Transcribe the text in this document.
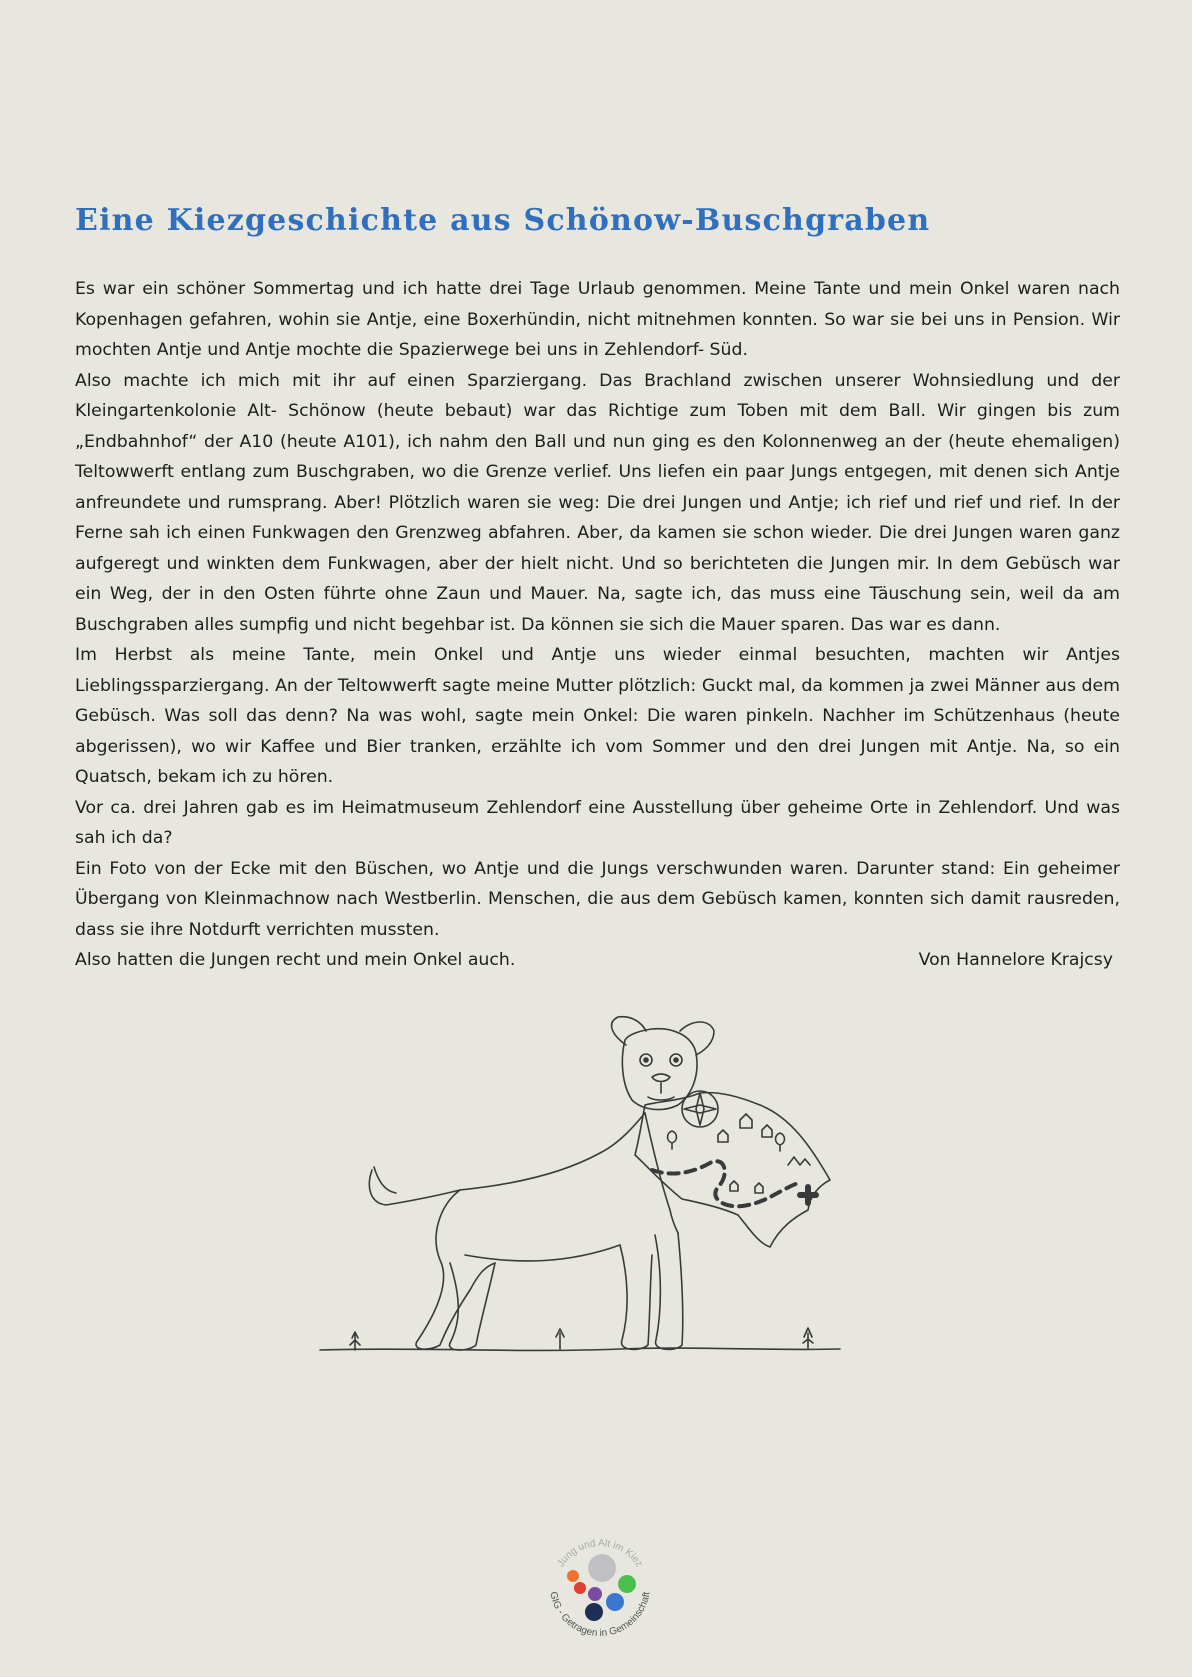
Eine Kiezgeschichte aus Schönow-Buschgraben

Es war ein schöner Sommertag und ich hatte drei Tage Urlaub genommen. Meine Tante und mein Onkel waren nach Kopenhagen gefahren, wohin sie Antje, eine Boxerhündin, nicht mitnehmen konnten. So war sie bei uns in Pension. Wir mochten Antje und Antje mochte die Spazierwege bei uns in Zehlendorf- Süd.

Also machte ich mich mit ihr auf einen Sparziergang. Das Brachland zwischen unserer Wohnsiedlung und der Kleingartenkolonie Alt- Schönow (heute bebaut) war das Richtige zum Toben mit dem Ball. Wir gingen bis zum „Endbahnhof“ der A10 (heute A101), ich nahm den Ball und nun ging es den Kolonnenweg an der (heute ehemaligen) Teltowwerft entlang zum Buschgraben, wo die Grenze verlief. Uns liefen ein paar Jungs entgegen, mit denen sich Antje anfreundete und rumsprang. Aber! Plötzlich waren sie weg: Die drei Jungen und Antje; ich rief und rief und rief. In der Ferne sah ich einen Funkwagen den Grenzweg abfahren. Aber, da kamen sie schon wieder. Die drei Jungen waren ganz aufgeregt und winkten dem Funkwagen, aber der hielt nicht. Und so berichteten die Jungen mir. In dem Gebüsch war ein Weg, der in den Osten führte ohne Zaun und Mauer. Na, sagte ich, das muss eine Täuschung sein, weil da am Buschgraben alles sumpfig und nicht begehbar ist. Da können sie sich die Mauer sparen. Das war es dann.

Im Herbst als meine Tante, mein Onkel und Antje uns wieder einmal besuchten, machten wir Antjes Lieblingssparziergang. An der Teltowwerft sagte meine Mutter plötzlich: Guckt mal, da kommen ja zwei Männer aus dem Gebüsch. Was soll das denn? Na was wohl, sagte mein Onkel: Die waren pinkeln. Nachher im Schützenhaus (heute abgerissen), wo wir Kaffee und Bier tranken, erzählte ich vom Sommer und den drei Jungen mit Antje. Na, so ein Quatsch, bekam ich zu hören.

Vor ca. drei Jahren gab es im Heimatmuseum Zehlendorf eine Ausstellung über geheime Orte in Zehlendorf. Und was sah ich da?

Ein Foto von der Ecke mit den Büschen, wo Antje und die Jungs verschwunden waren. Darunter stand: Ein geheimer Übergang von Kleinmachnow nach Westberlin. Menschen, die aus dem Gebüsch kamen, konnten sich damit rausreden, dass sie ihre Notdurft verrichten mussten.

Also hatten die Jungen recht und mein Onkel auch.	Von Hannelore Krajcsy
Jung und Alt im Kiez
GIG - Getragen in Gemeinschaft
